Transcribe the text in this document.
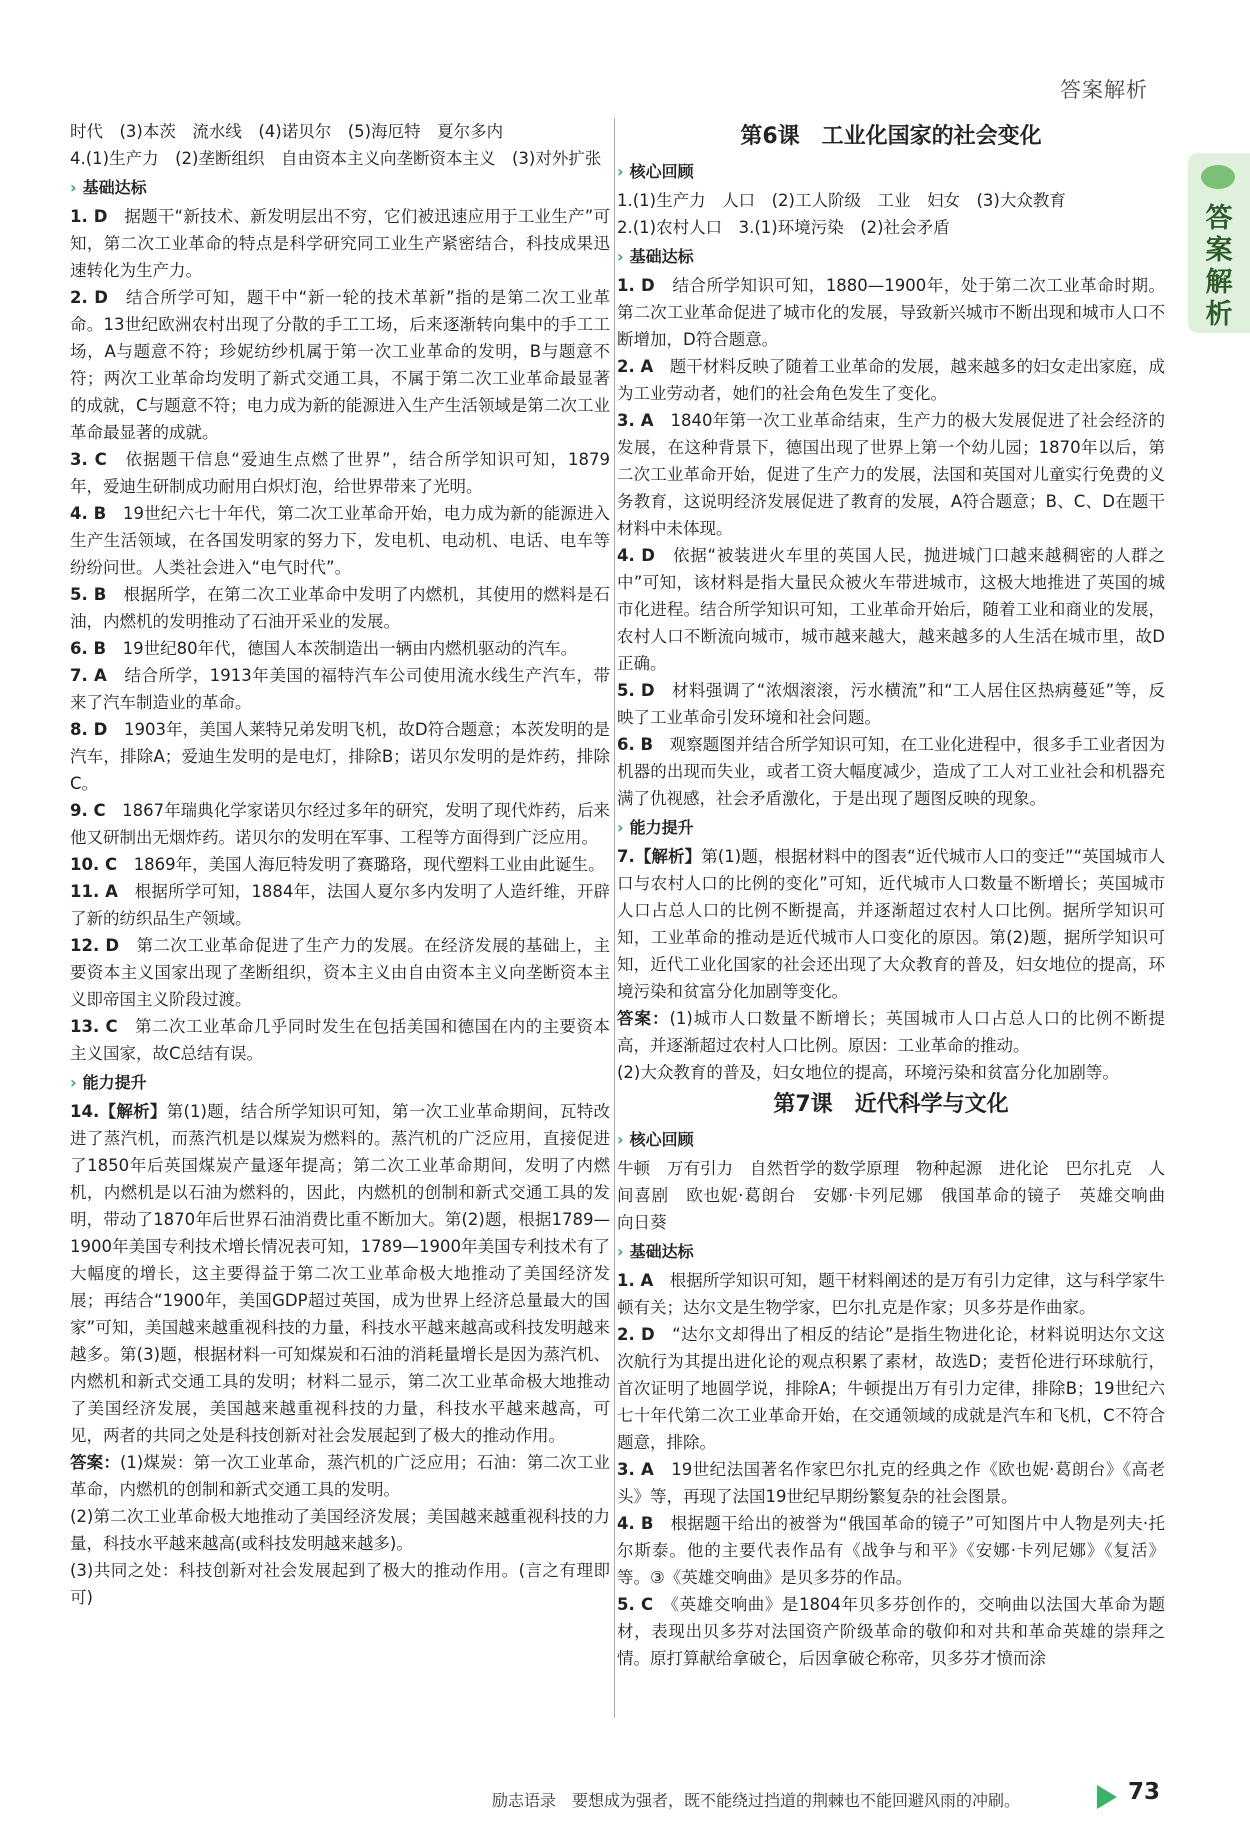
答案解析
答案解析

时代　(3)本茨　流水线　(4)诺贝尔　(5)海厄特　夏尔多内

4.(1)生产力　(2)垄断组织　自由资本主义向垄断资本主义　(3)对外扩张

› 基础达标

1. D　 据题干“新技术、新发明层出不穷，它们被迅速应用于工业生产”可知，第二次工业革命的特点是科学研究同工业生产紧密结合，科技成果迅速转化为生产力。

2. D　 结合所学可知，题干中“新一轮的技术革新”指的是第二次工业革命。13世纪欧洲农村出现了分散的手工工场，后来逐渐转向集中的手工工场，A与题意不符；珍妮纺纱机属于第一次工业革命的发明，B与题意不符；两次工业革命均发明了新式交通工具，不属于第二次工业革命最显著的成就，C与题意不符；电力成为新的能源进入生产生活领域是第二次工业革命最显著的成就。

3. C　 依据题干信息“爱迪生点燃了世界”，结合所学知识可知，1879年，爱迪生研制成功耐用白炽灯泡，给世界带来了光明。

4. B　 19世纪六七十年代，第二次工业革命开始，电力成为新的能源进入生产生活领域，在各国发明家的努力下，发电机、电动机、电话、电车等纷纷问世。人类社会进入“电气时代”。

5. B　 根据所学，在第二次工业革命中发明了内燃机，其使用的燃料是石油，内燃机的发明推动了石油开采业的发展。

6. B　 19世纪80年代，德国人本茨制造出一辆由内燃机驱动的汽车。

7. A　 结合所学，1913年美国的福特汽车公司使用流水线生产汽车，带来了汽车制造业的革命。

8. D　 1903年，美国人莱特兄弟发明飞机，故D符合题意；本茨发明的是汽车，排除A；爱迪生发明的是电灯，排除B；诺贝尔发明的是炸药，排除C。

9. C　 1867年瑞典化学家诺贝尔经过多年的研究，发明了现代炸药，后来他又研制出无烟炸药。诺贝尔的发明在军事、工程等方面得到广泛应用。

10. C　 1869年，美国人海厄特发明了赛璐珞，现代塑料工业由此诞生。

11. A　 根据所学可知，1884年，法国人夏尔多内发明了人造纤维，开辟了新的纺织品生产领域。

12. D　 第二次工业革命促进了生产力的发展。在经济发展的基础上，主要资本主义国家出现了垄断组织，资本主义由自由资本主义向垄断资本主义即帝国主义阶段过渡。

13. C　 第二次工业革命几乎同时发生在包括美国和德国在内的主要资本主义国家，故C总结有误。

› 能力提升

14.【解析】第(1)题，结合所学知识可知，第一次工业革命期间，瓦特改进了蒸汽机，而蒸汽机是以煤炭为燃料的。蒸汽机的广泛应用，直接促进了1850年后英国煤炭产量逐年提高；第二次工业革命期间，发明了内燃机，内燃机是以石油为燃料的，因此，内燃机的创制和新式交通工具的发明，带动了1870年后世界石油消费比重不断加大。第(2)题，根据1789—1900年美国专利技术增长情况表可知，1789—1900年美国专利技术有了大幅度的增长，这主要得益于第二次工业革命极大地推动了美国经济发展；再结合“1900年，美国GDP超过英国，成为世界上经济总量最大的国家”可知，美国越来越重视科技的力量，科技水平越来越高或科技发明越来越多。第(3)题，根据材料一可知煤炭和石油的消耗量增长是因为蒸汽机、内燃机和新式交通工具的发明；材料二显示，第二次工业革命极大地推动了美国经济发展，美国越来越重视科技的力量，科技水平越来越高，可见，两者的共同之处是科技创新对社会发展起到了极大的推动作用。

答案：(1)煤炭：第一次工业革命，蒸汽机的广泛应用；石油：第二次工业革命，内燃机的创制和新式交通工具的发明。

(2)第二次工业革命极大地推动了美国经济发展；美国越来越重视科技的力量，科技水平越来越高(或科技发明越来越多)。

(3)共同之处：科技创新对社会发展起到了极大的推动作用。(言之有理即可)

第6课 工业化国家的社会变化
› 核心回顾

1.(1)生产力　人口　(2)工人阶级　工业　妇女　(3)大众教育

2.(1)农村人口　3.(1)环境污染　(2)社会矛盾

› 基础达标

1. D　 结合所学知识可知，1880—1900年，处于第二次工业革命时期。第二次工业革命促进了城市化的发展，导致新兴城市不断出现和城市人口不断增加，D符合题意。

2. A　 题干材料反映了随着工业革命的发展，越来越多的妇女走出家庭，成为工业劳动者，她们的社会角色发生了变化。

3. A　 1840年第一次工业革命结束，生产力的极大发展促进了社会经济的发展，在这种背景下，德国出现了世界上第一个幼儿园；1870年以后，第二次工业革命开始，促进了生产力的发展，法国和英国对儿童实行免费的义务教育，这说明经济发展促进了教育的发展，A符合题意；B、C、D在题干材料中未体现。

4. D　 依据“被装进火车里的英国人民，抛进城门口越来越稠密的人群之中”可知，该材料是指大量民众被火车带进城市，这极大地推进了英国的城市化进程。结合所学知识可知，工业革命开始后，随着工业和商业的发展，农村人口不断流向城市，城市越来越大，越来越多的人生活在城市里，故D正确。

5. D　 材料强调了“浓烟滚滚，污水横流”和“工人居住区热病蔓延”等，反映了工业革命引发环境和社会问题。

6. B　 观察题图并结合所学知识可知，在工业化进程中，很多手工业者因为机器的出现而失业，或者工资大幅度减少，造成了工人对工业社会和机器充满了仇视感，社会矛盾激化，于是出现了题图反映的现象。

› 能力提升

7.【解析】第(1)题，根据材料中的图表“近代城市人口的变迁”“英国城市人口与农村人口的比例的变化”可知，近代城市人口数量不断增长；英国城市人口占总人口的比例不断提高，并逐渐超过农村人口比例。据所学知识可知，工业革命的推动是近代城市人口变化的原因。第(2)题，据所学知识可知，近代工业化国家的社会还出现了大众教育的普及，妇女地位的提高，环境污染和贫富分化加剧等变化。

答案：(1)城市人口数量不断增长；英国城市人口占总人口的比例不断提高，并逐渐超过农村人口比例。原因：工业革命的推动。

(2)大众教育的普及，妇女地位的提高，环境污染和贫富分化加剧等。

第7课 近代科学与文化
› 核心回顾

牛顿　万有引力　自然哲学的数学原理　物种起源　进化论　巴尔扎克　人间喜剧　欧也妮·葛朗台　安娜·卡列尼娜　俄国革命的镜子　英雄交响曲　向日葵

› 基础达标

1. A　 根据所学知识可知，题干材料阐述的是万有引力定律，这与科学家牛顿有关；达尔文是生物学家，巴尔扎克是作家；贝多芬是作曲家。

2. D　 “达尔文却得出了相反的结论”是指生物进化论，材料说明达尔文这次航行为其提出进化论的观点积累了素材，故选D；麦哲伦进行环球航行，首次证明了地圆学说，排除A；牛顿提出万有引力定律，排除B；19世纪六七十年代第二次工业革命开始，在交通领域的成就是汽车和飞机，C不符合题意，排除。

3. A　 19世纪法国著名作家巴尔扎克的经典之作《欧也妮·葛朗台》《高老头》等，再现了法国19世纪早期纷繁复杂的社会图景。

4. B　 根据题干给出的被誉为“俄国革命的镜子”可知图片中人物是列夫·托尔斯泰。他的主要代表作品有《战争与和平》《安娜·卡列尼娜》《复活》等。③《英雄交响曲》是贝多芬的作品。

5. C　 《英雄交响曲》是1804年贝多芬创作的，交响曲以法国大革命为题材，表现出贝多芬对法国资产阶级革命的敬仰和对共和革命英雄的崇拜之情。原打算献给拿破仑，后因拿破仑称帝，贝多芬才愤而涂

励志语录　要想成为强者，既不能绕过挡道的荆棘也不能回避风雨的冲刷。	73
